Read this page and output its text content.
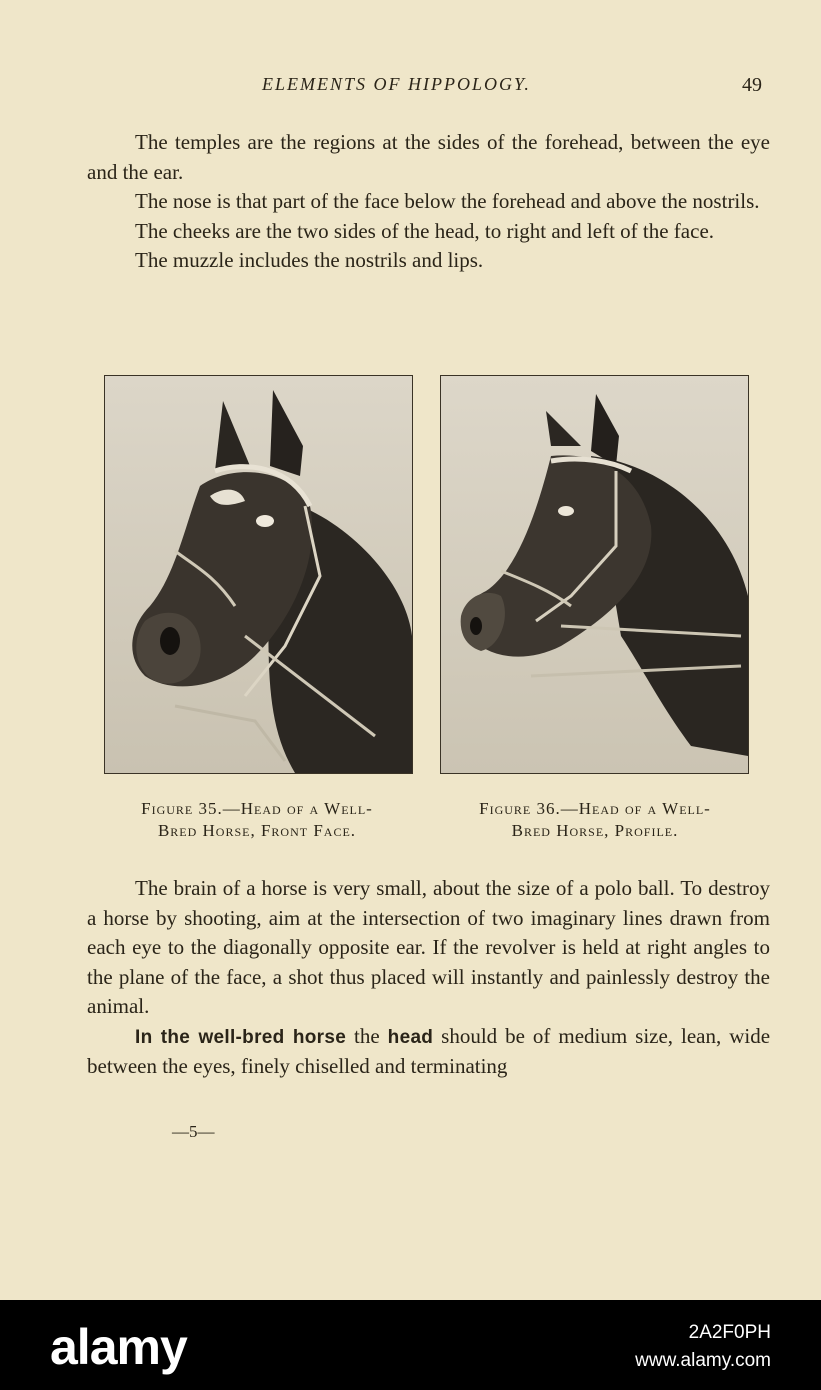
ELEMENTS OF HIPPOLOGY.	49

The temples are the regions at the sides of the forehead, between the eye and the ear.

The nose is that part of the face below the forehead and above the nostrils.

The cheeks are the two sides of the head, to right and left of the face.

The muzzle includes the nostrils and lips.

Figure 35.—Head of a Well-
Bred Horse, Front Face.
Figure 36.—Head of a Well-
Bred Horse, Profile.

The brain of a horse is very small, about the size of a polo ball. To destroy a horse by shooting, aim at the intersection of two imaginary lines drawn from each eye to the diagonally opposite ear. If the revolver is held at right angles to the plane of the face, a shot thus placed will instantly and painlessly destroy the animal.

In the well-bred horse the head should be of medium size, lean, wide between the eyes, finely chiselled and terminating

—5—
alamy	2A2F0PH
www.alamy.com
